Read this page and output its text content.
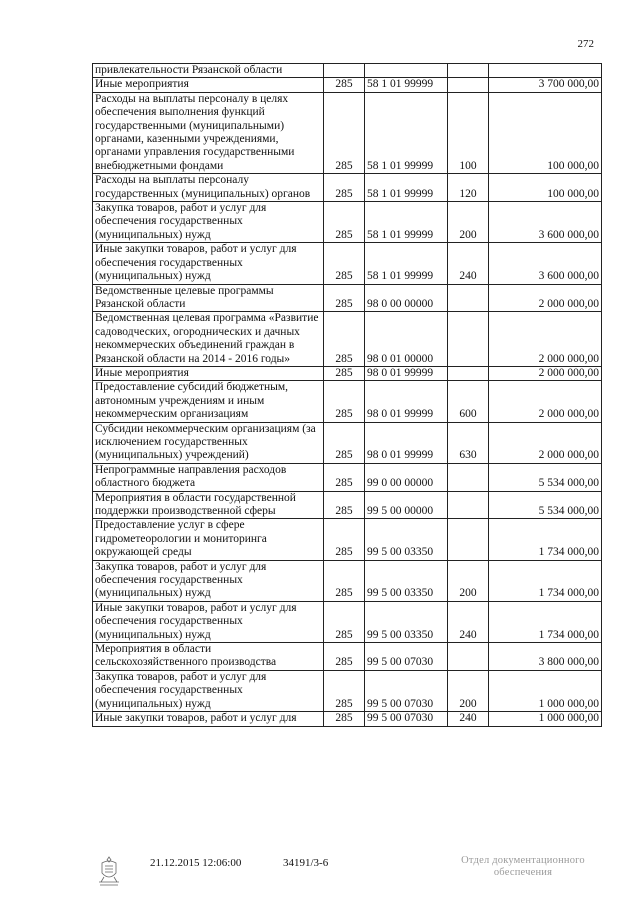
272
привлекательности Рязанской области				
Иные мероприятия	285	58 1 01 99999		3 700 000,00
Расходы на выплаты персоналу в целях обеспечения выполнения функций государственными (муниципальными) органами, казенными учреждениями, органами управления государственными внебюджетными фондами	285	58 1 01 99999	100	100 000,00
Расходы на выплаты персоналу государственных (муниципальных) органов	285	58 1 01 99999	120	100 000,00
Закупка товаров, работ и услуг для обеспечения государственных (муниципальных) нужд	285	58 1 01 99999	200	3 600 000,00
Иные закупки товаров, работ и услуг для обеспечения государственных (муниципальных) нужд	285	58 1 01 99999	240	3 600 000,00
Ведомственные целевые программы Рязанской области	285	98 0 00 00000		2 000 000,00
Ведомственная целевая программа «Развитие садоводческих, огороднических и дачных некоммерческих объединений граждан в Рязанской области на 2014 - 2016 годы»	285	98 0 01 00000		2 000 000,00
Иные мероприятия	285	98 0 01 99999		2 000 000,00
Предоставление субсидий бюджетным, автономным учреждениям и иным некоммерческим организациям	285	98 0 01 99999	600	2 000 000,00
Субсидии некоммерческим организациям (за исключением государственных (муниципальных) учреждений)	285	98 0 01 99999	630	2 000 000,00
Непрограммные направления расходов областного бюджета	285	99 0 00 00000		5 534 000,00
Мероприятия в области государственной поддержки производственной сферы	285	99 5 00 00000		5 534 000,00
Предоставление услуг в сфере гидрометеорологии и мониторинга окружающей среды	285	99 5 00 03350		1 734 000,00
Закупка товаров, работ и услуг для обеспечения государственных (муниципальных) нужд	285	99 5 00 03350	200	1 734 000,00
Иные закупки товаров, работ и услуг для обеспечения государственных (муниципальных) нужд	285	99 5 00 03350	240	1 734 000,00
Мероприятия в области сельскохозяйственного производства	285	99 5 00 07030		3 800 000,00
Закупка товаров, работ и услуг для обеспечения государственных (муниципальных) нужд	285	99 5 00 07030	200	1 000 000,00
Иные закупки товаров, работ и услуг для	285	99 5 00 07030	240	1 000 000,00
21.12.2015 12:06:00	34191/3-6	Отдел документационного
обеспечения
